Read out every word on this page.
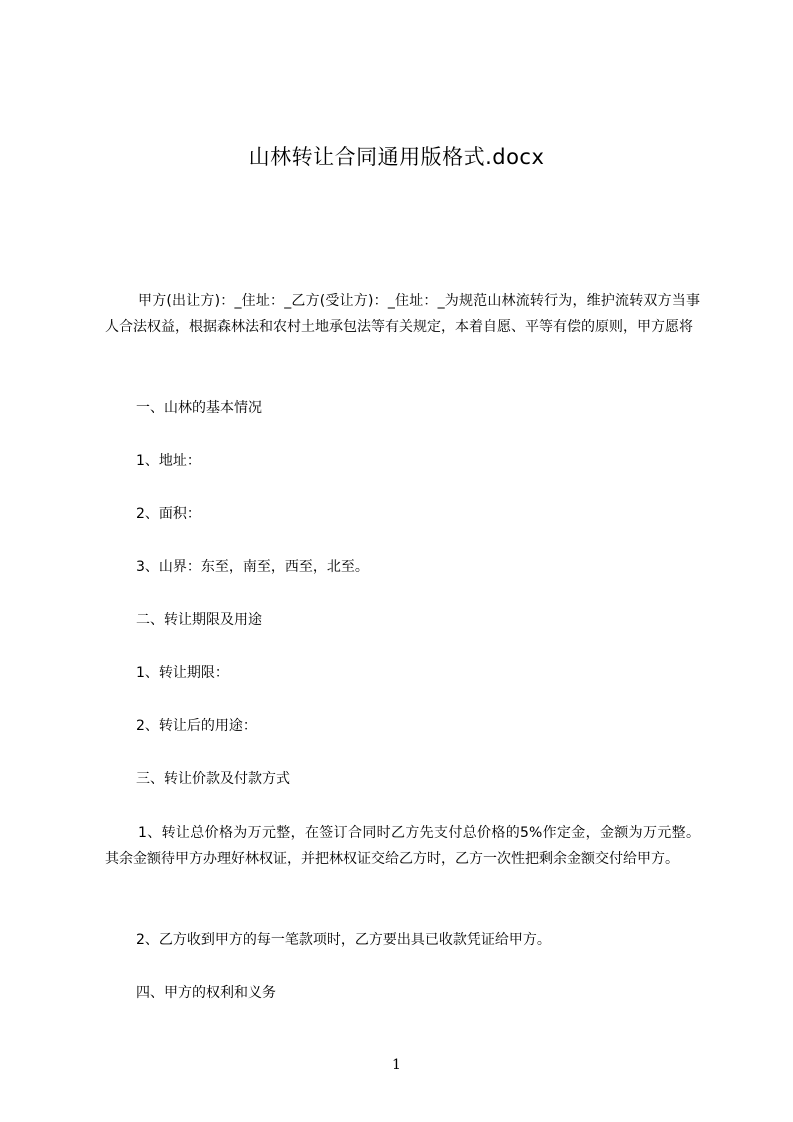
山林转让合同通用版格式.docx
甲方(出让方)：_住址：_乙方(受让方)：_住址：_为规范山林流转行为，维护流转双方当事人合法权益，根据森林法和农村土地承包法等有关规定，本着自愿、平等有偿的原则，甲方愿将
一、山林的基本情况
1、地址：
2、面积：
3、山界：东至，南至，西至，北至。
二、转让期限及用途
1、转让期限：
2、转让后的用途：
三、转让价款及付款方式
1、转让总价格为万元整，在签订合同时乙方先支付总价格的5%作定金，金额为万元整。其余金额待甲方办理好林权证，并把林权证交给乙方时，乙方一次性把剩余金额交付给甲方。
2、乙方收到甲方的每一笔款项时，乙方要出具已收款凭证给甲方。
四、甲方的权利和义务
1
